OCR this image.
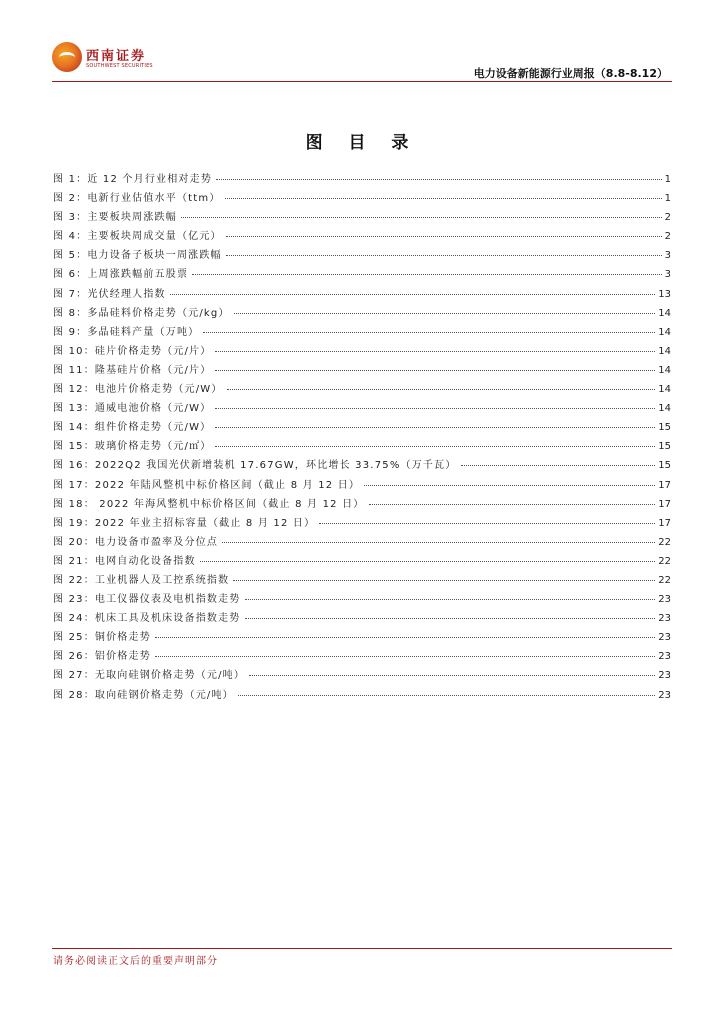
西南证券
SOUTHWEST SECURITIES
电力设备新能源行业周报（8.8-8.12）
图 目 录
图 1：近 12 个月行业相对走势	1
图 2：电新行业估值水平（ttm）	1
图 3：主要板块周涨跌幅	2
图 4：主要板块周成交量（亿元）	2
图 5：电力设备子板块一周涨跌幅	3
图 6：上周涨跌幅前五股票	3
图 7：光伏经理人指数	13
图 8：多晶硅料价格走势（元/kg）	14
图 9：多晶硅料产量（万吨）	14
图 10：硅片价格走势（元/片）	14
图 11：隆基硅片价格（元/片）	14
图 12：电池片价格走势（元/W）	14
图 13：通威电池价格（元/W）	14
图 14：组件价格走势（元/W）	15
图 15：玻璃价格走势（元/㎡）	15
图 16：2022Q2 我国光伏新增装机 17.67GW，环比增长 33.75%（万千瓦）	15
图 17：2022 年陆风整机中标价格区间（截止 8 月 12 日）	17
图 18： 2022 年海风整机中标价格区间（截止 8 月 12 日）	17
图 19：2022 年业主招标容量（截止 8 月 12 日）	17
图 20：电力设备市盈率及分位点	22
图 21：电网自动化设备指数	22
图 22：工业机器人及工控系统指数	22
图 23：电工仪器仪表及电机指数走势	23
图 24：机床工具及机床设备指数走势	23
图 25：铜价格走势	23
图 26：铝价格走势	23
图 27：无取向硅钢价格走势（元/吨）	23
图 28：取向硅钢价格走势（元/吨）	23
请务必阅读正文后的重要声明部分
